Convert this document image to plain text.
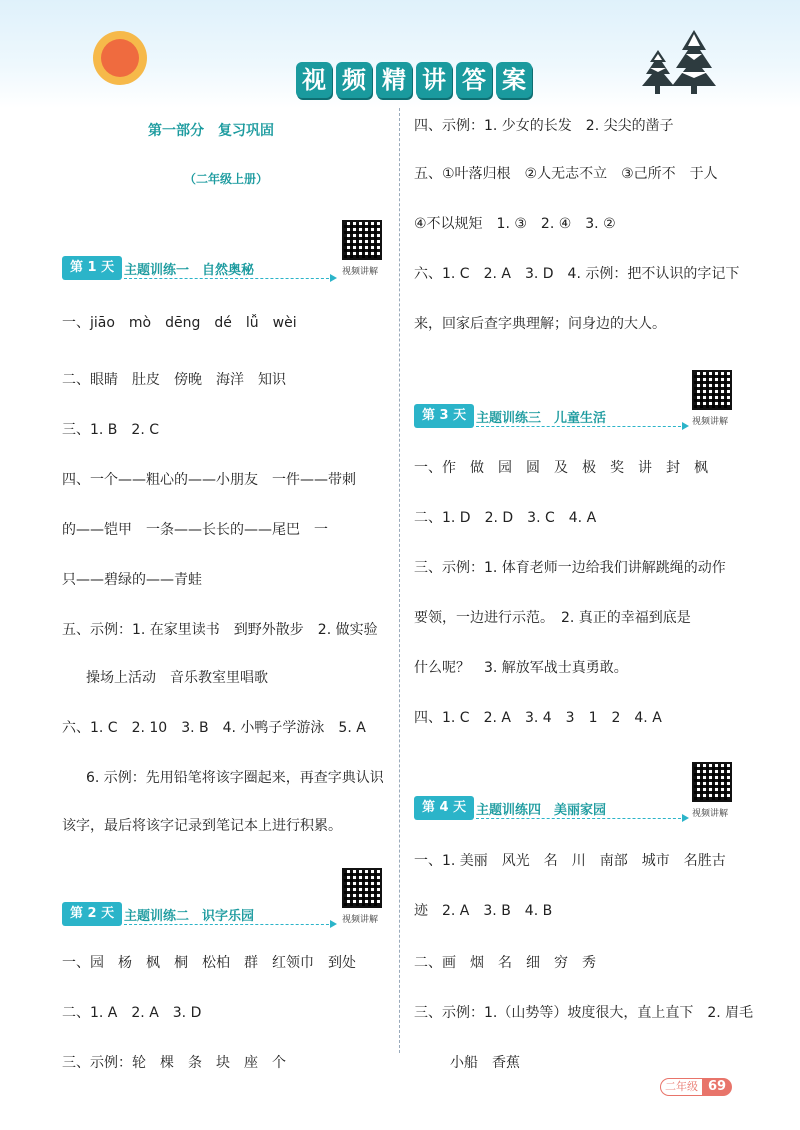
视 频 精 讲 答 案
第一部分　复习巩固
（二年级上册）
视频讲解
第 1 天 主题训练一　自然奥秘
一、jiāo　mò　dēng　dé　lǚ　wèi
二、眼睛　肚皮　傍晚　海洋　知识
三、1. B　2. C
四、一个——粗心的——小朋友　一件——带刺
的——铠甲　一条——长长的——尾巴　一
只——碧绿的——青蛙
五、示例：1. 在家里读书　到野外散步　2. 做实验
操场上活动　音乐教室里唱歌
六、1. C　2. 10　3. B　4. 小鸭子学游泳　5. A
6. 示例：先用铅笔将该字圈起来，再查字典认识
该字，最后将该字记录到笔记本上进行积累。
视频讲解
第 2 天 主题训练二　识字乐园
一、园　杨　枫　桐　松柏　群　红领巾　到处
二、1. A　2. A　3. D
三、示例：轮　棵　条　块　座　个
四、示例：1. 少女的长发　2. 尖尖的凿子
五、①叶落归根　②人无志不立　③己所不　于人
④不以规矩　1. ③　2. ④　3. ②
六、1. C　2. A　3. D　4. 示例：把不认识的字记下
来，回家后查字典理解；问身边的大人。
视频讲解
第 3 天 主题训练三　儿童生活
一、作　做　园　圆　及　极　奖　讲　封　枫
二、1. D　2. D　3. C　4. A
三、示例：1. 体育老师一边给我们讲解跳绳的动作
要领，一边进行示范。　2. 真正的幸福到底是
什么呢？　3. 解放军战士真勇敢。
四、1. C　2. A　3. 4　3　1　2　4. A
视频讲解
第 4 天 主题训练四　美丽家园
一、1. 美丽　风光　名　川　南部　城市　名胜古
迹　2. A　3. B　4. B
二、画　烟　名　细　穷　秀
三、示例：1.（山势等）坡度很大，直上直下　2. 眉毛
小船　香蕉
二年级 69
